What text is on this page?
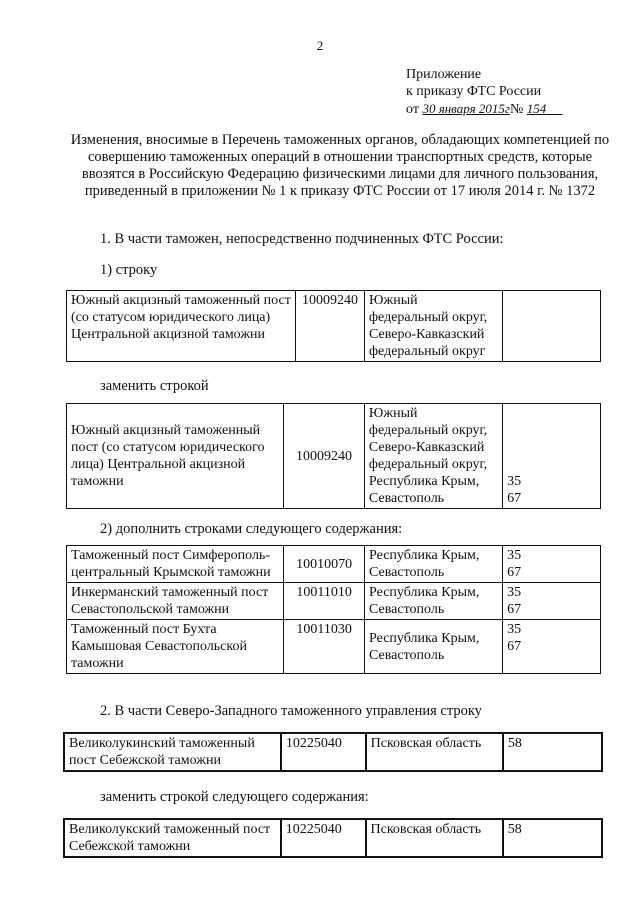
2
Приложение
к приказу ФТС России
от 30 января 2015г№ 154
Изменения, вносимые в Перечень таможенных органов, обладающих компетенцией по совершению таможенных операций в отношении транспортных средств, которые ввозятся в Российскую Федерацию физическими лицами для личного пользования, приведенный в приложении № 1 к приказу ФТС России от 17 июля 2014 г. № 1372
1. В части таможен, непосредственно подчиненных ФТС России:
1) строку
Южный акцизный таможенный пост (со статусом юридического лица) Центральной акцизной таможни	10009240	Южный федеральный округ, Северо-Кавказский федеральный округ	
заменить строкой
Южный акцизный таможенный пост (со статусом юридического лица) Центральной акцизной таможни	10009240	Южный федеральный округ, Северо-Кавказский федеральный округ, Республика Крым, Севастополь	
35
67
2) дополнить строками следующего содержания:
Таможенный пост Симферополь-центральный Крымской таможни	10010070	Республика Крым, Севастополь	35
67

Инкерманский таможенный пост Севастопольской таможни	10011010	Республика Крым, Севастополь	35
67

Таможенный пост Бухта Камышовая Севастопольской таможни	10011030	Республика Крым, Севастополь	35
67
2. В части Северо-Западного таможенного управления строку
Великолукинский таможенный пост Себежской таможни	10225040	Псковская область	58
заменить строкой следующего содержания:
Великолукский таможенный пост Себежской таможни	10225040	Псковская область	58
